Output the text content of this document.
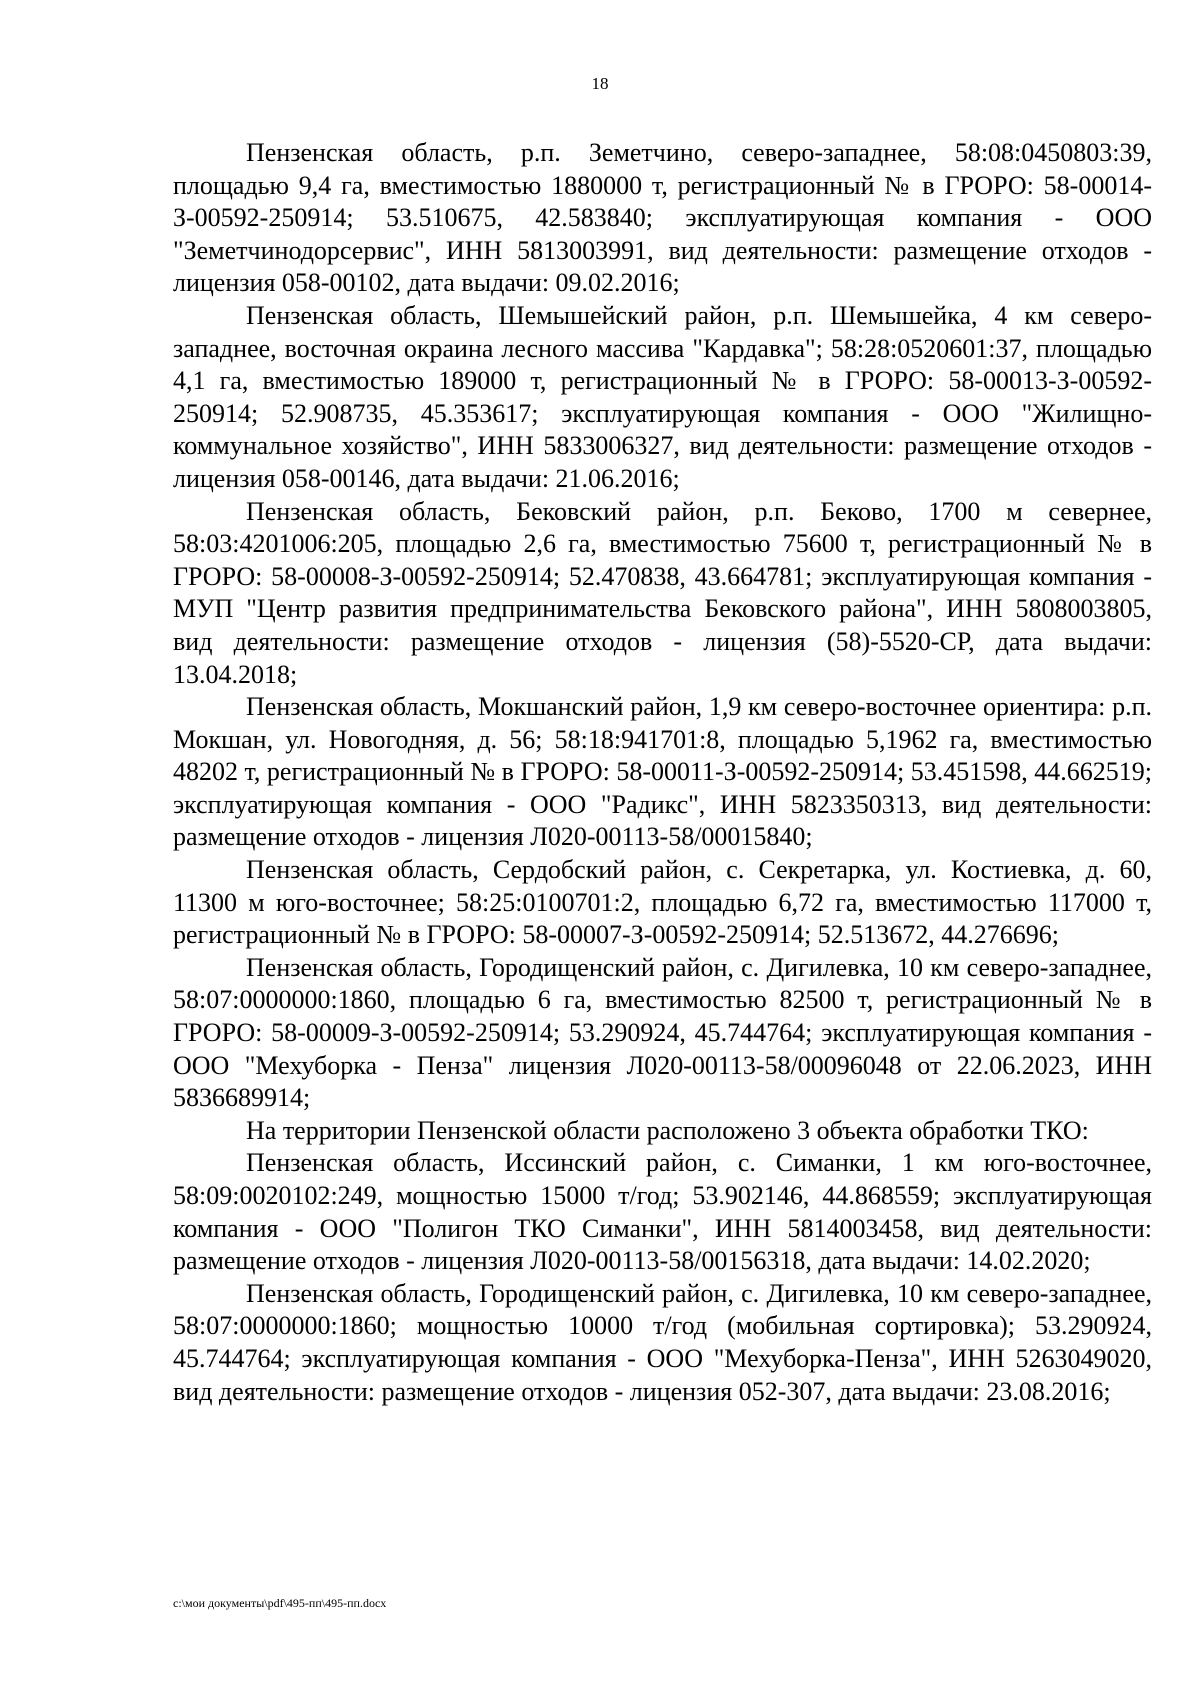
18

Пензенская область, р.п. Земетчино, северо-западнее, 58:08:0450803:39, площадью 9,4 га, вместимостью 1880000 т, регистрационный № в ГРОРО: 58-00014-З-00592-250914; 53.510675, 42.583840; эксплуатирующая компания - ООО "Земетчинодорсервис", ИНН 5813003991, вид деятельности: размещение отходов - лицензия 058-00102, дата выдачи: 09.02.2016;

Пензенская область, Шемышейский район, р.п. Шемышейка, 4 км северо-западнее, восточная окраина лесного массива "Кардавка"; 58:28:0520601:37, площадью 4,1 га, вместимостью 189000 т, регистрационный № в ГРОРО: 58-00013-З-00592-250914; 52.908735, 45.353617; эксплуатирующая компания - ООО "Жилищно-коммунальное хозяйство", ИНН 5833006327, вид деятельности: размещение отходов - лицензия 058-00146, дата выдачи: 21.06.2016;

Пензенская область, Бековский район, р.п. Беково, 1700 м севернее, 58:03:4201006:205, площадью 2,6 га, вместимостью 75600 т, регистрационный № в ГРОРО: 58-00008-З-00592-250914; 52.470838, 43.664781; эксплуатирующая компания - МУП "Центр развития предпринимательства Бековского района", ИНН 5808003805, вид деятельности: размещение отходов - лицензия (58)-5520-СР, дата выдачи: 13.04.2018;

Пензенская область, Мокшанский район, 1,9 км северо-восточнее ориентира: р.п. Мокшан, ул. Новогодняя, д. 56; 58:18:941701:8, площадью 5,1962 га, вместимостью 48202 т, регистрационный № в ГРОРО: 58-00011-З-00592-250914; 53.451598, 44.662519; эксплуатирующая компания - ООО "Радикс", ИНН 5823350313, вид деятельности: размещение отходов - лицензия Л020-00113-58/00015840;

Пензенская область, Сердобский район, с. Секретарка, ул. Костиевка, д. 60, 11300 м юго-восточнее; 58:25:0100701:2, площадью 6,72 га, вместимостью 117000 т, регистрационный № в ГРОРО: 58-00007-З-00592-250914; 52.513672, 44.276696;

Пензенская область, Городищенский район, с. Дигилевка, 10 км северо-западнее, 58:07:0000000:1860, площадью 6 га, вместимостью 82500 т, регистрационный № в ГРОРО: 58-00009-З-00592-250914; 53.290924, 45.744764; эксплуатирующая компания - ООО "Мехуборка - Пенза" лицензия Л020-00113-58/00096048 от 22.06.2023, ИНН 5836689914;

На территории Пензенской области расположено 3 объекта обработки ТКО:

Пензенская область, Иссинский район, с. Симанки, 1 км юго-восточнее, 58:09:0020102:249, мощностью 15000 т/год; 53.902146, 44.868559; эксплуатирующая компания - ООО "Полигон ТКО Симанки", ИНН 5814003458, вид деятельности: размещение отходов - лицензия Л020-00113-58/00156318, дата выдачи: 14.02.2020;

Пензенская область, Городищенский район, с. Дигилевка, 10 км северо-западнее, 58:07:0000000:1860; мощностью 10000 т/год (мобильная сортировка); 53.290924, 45.744764; эксплуатирующая компания - ООО "Мехуборка-Пенза", ИНН 5263049020, вид деятельности: размещение отходов - лицензия 052-307, дата выдачи: 23.08.2016;

c:\мои документы\pdf\495-пп\495-пп.docx
